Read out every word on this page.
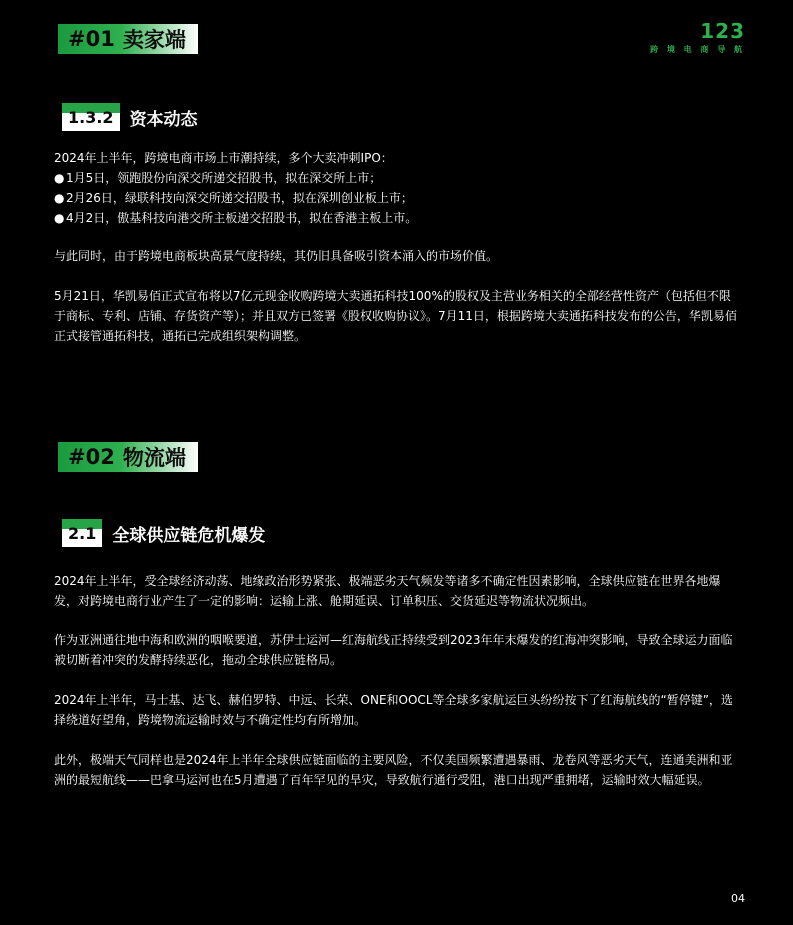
123
跨 境 电 商 导 航
#01 卖家端
1.3.2 资本动态

2024年上半年，跨境电商市场上市潮持续，多个大卖冲刺IPO：

● 1月5日，领跑股份向深交所递交招股书，拟在深交所上市；

● 2月26日，绿联科技向深交所递交招股书，拟在深圳创业板上市；

● 4月2日，傲基科技向港交所主板递交招股书，拟在香港主板上市。

与此同时，由于跨境电商板块高景气度持续，其仍旧具备吸引资本涌入的市场价值。
5月21日，华凯易佰正式宣布将以7亿元现金收购跨境大卖通拓科技100%的股权及主营业务相关的全部经营性资产（包括但不限于商标、专利、店铺、存货资产等）；并且双方已签署《股权收购协议》。7月11日，根据跨境大卖通拓科技发布的公告，华凯易佰正式接管通拓科技，通拓已完成组织架构调整。
#02 物流端
2.1 全球供应链危机爆发
2024年上半年，受全球经济动荡、地缘政治形势紧张、极端恶劣天气频发等诸多不确定性因素影响，全球供应链在世界各地爆发，对跨境电商行业产生了一定的影响：运输上涨、舱期延误、订单积压、交货延迟等物流状况频出。
作为亚洲通往地中海和欧洲的咽喉要道，苏伊士运河—红海航线正持续受到2023年年末爆发的红海冲突影响，导致全球运力面临被切断着冲突的发酵持续恶化，拖动全球供应链格局。
2024年上半年，马士基、达飞、赫伯罗特、中远、长荣、ONE和OOCL等全球多家航运巨头纷纷按下了红海航线的“暂停键”，选择绕道好望角，跨境物流运输时效与不确定性均有所增加。
此外，极端天气同样也是2024年上半年全球供应链面临的主要风险，不仅美国频繁遭遇暴雨、龙卷风等恶劣天气，连通美洲和亚洲的最短航线——巴拿马运河也在5月遭遇了百年罕见的旱灾，导致航行通行受阻，港口出现严重拥堵，运输时效大幅延误。
04
